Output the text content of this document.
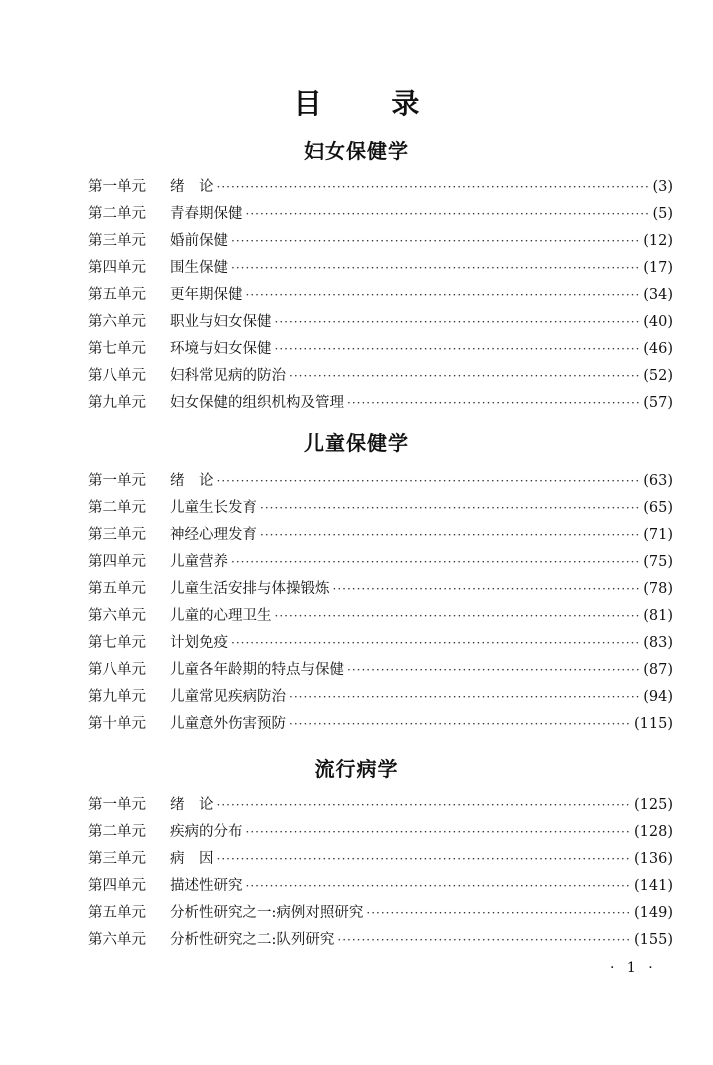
目 录
妇女保健学
第一单元	绪　论 ·····	(3)
第二单元	青春期保健 ·····	(5)
第三单元	婚前保健 ·····	(12)
第四单元	围生保健 ·····	(17)
第五单元	更年期保健 ·····	(34)
第六单元	职业与妇女保健 ·····	(40)
第七单元	环境与妇女保健 ·····	(46)
第八单元	妇科常见病的防治 ·····	(52)
第九单元	妇女保健的组织机构及管理 ·····	(57)
儿童保健学
第一单元	绪　论 ·····	(63)
第二单元	儿童生长发育 ·····	(65)
第三单元	神经心理发育 ·····	(71)
第四单元	儿童营养 ·····	(75)
第五单元	儿童生活安排与体操锻炼 ·····	(78)
第六单元	儿童的心理卫生 ·····	(81)
第七单元	计划免疫 ·····	(83)
第八单元	儿童各年龄期的特点与保健 ·····	(87)
第九单元	儿童常见疾病防治 ·····	(94)
第十单元	儿童意外伤害预防 ·····	(115)
流行病学
第一单元	绪　论 ·····	(125)
第二单元	疾病的分布 ·····	(128)
第三单元	病　因 ·····	(136)
第四单元	描述性研究 ·····	(141)
第五单元	分析性研究之一:病例对照研究 ·····	(149)
第六单元	分析性研究之二:队列研究 ·····	(155)
· 1 ·
